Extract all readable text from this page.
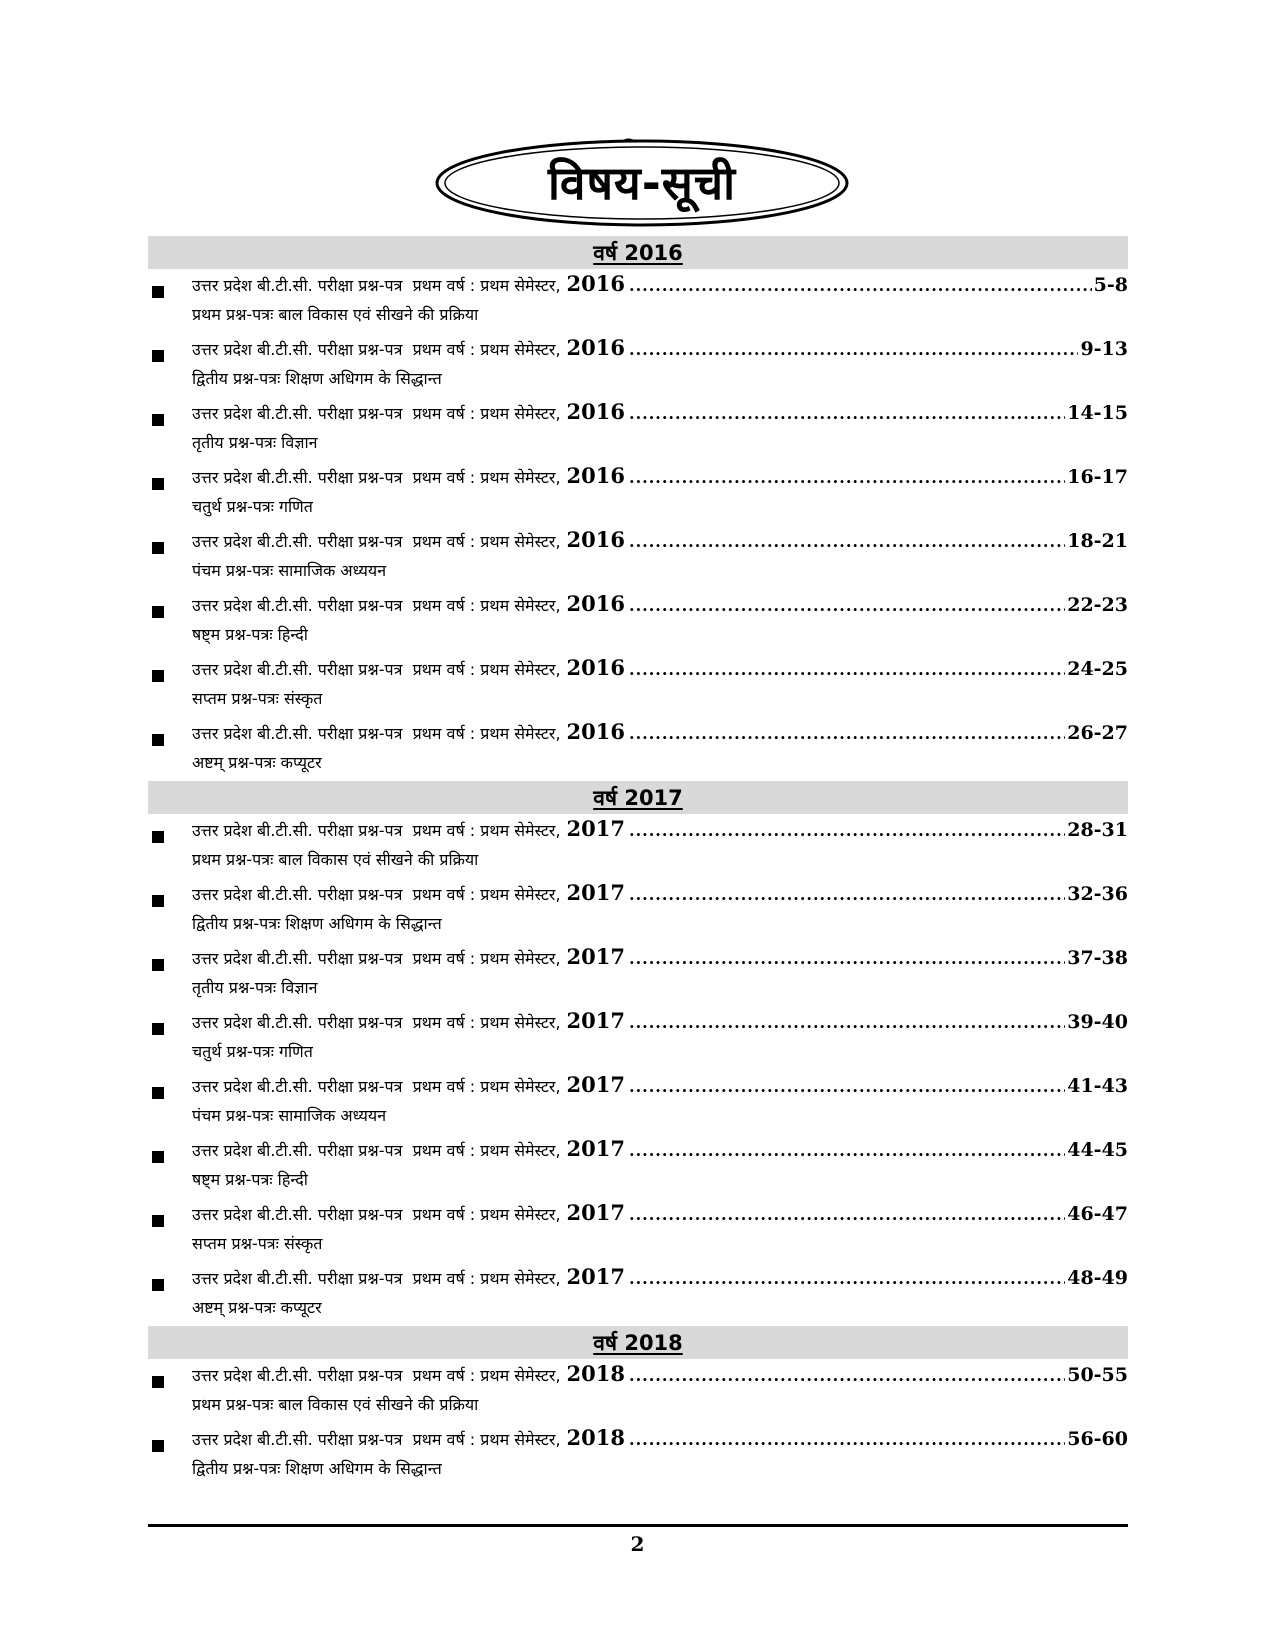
विषय-सूची
वर्ष 2016
उत्तर प्रदेश बी.टी.सी. परीक्षा प्रश्न-पत्र  प्रथम वर्ष : प्रथम सेमेस्टर, 2016 .....	5-8
प्रथम प्रश्न-पत्रः बाल विकास एवं सीखने की प्रक्रिया
उत्तर प्रदेश बी.टी.सी. परीक्षा प्रश्न-पत्र  प्रथम वर्ष : प्रथम सेमेस्टर, 2016 .....	9-13
द्वितीय प्रश्न-पत्रः शिक्षण अधिगम के सिद्धान्त
उत्तर प्रदेश बी.टी.सी. परीक्षा प्रश्न-पत्र  प्रथम वर्ष : प्रथम सेमेस्टर, 2016 .....	14-15
तृतीय प्रश्न-पत्रः विज्ञान
उत्तर प्रदेश बी.टी.सी. परीक्षा प्रश्न-पत्र  प्रथम वर्ष : प्रथम सेमेस्टर, 2016 .....	16-17
चतुर्थ प्रश्न-पत्रः गणित
उत्तर प्रदेश बी.टी.सी. परीक्षा प्रश्न-पत्र  प्रथम वर्ष : प्रथम सेमेस्टर, 2016 .....	18-21
पंचम प्रश्न-पत्रः सामाजिक अध्ययन
उत्तर प्रदेश बी.टी.सी. परीक्षा प्रश्न-पत्र  प्रथम वर्ष : प्रथम सेमेस्टर, 2016 .....	22-23
षष्ट्म प्रश्न-पत्रः हिन्दी
उत्तर प्रदेश बी.टी.सी. परीक्षा प्रश्न-पत्र  प्रथम वर्ष : प्रथम सेमेस्टर, 2016 .....	24-25
सप्तम प्रश्न-पत्रः संस्कृत
उत्तर प्रदेश बी.टी.सी. परीक्षा प्रश्न-पत्र  प्रथम वर्ष : प्रथम सेमेस्टर, 2016 .....	26-27
अष्टम् प्रश्न-पत्रः कप्यूटर
वर्ष 2017
उत्तर प्रदेश बी.टी.सी. परीक्षा प्रश्न-पत्र  प्रथम वर्ष : प्रथम सेमेस्टर, 2017 .....	28-31
प्रथम प्रश्न-पत्रः बाल विकास एवं सीखने की प्रक्रिया
उत्तर प्रदेश बी.टी.सी. परीक्षा प्रश्न-पत्र  प्रथम वर्ष : प्रथम सेमेस्टर, 2017 .....	32-36
द्वितीय प्रश्न-पत्रः शिक्षण अधिगम के सिद्धान्त
उत्तर प्रदेश बी.टी.सी. परीक्षा प्रश्न-पत्र  प्रथम वर्ष : प्रथम सेमेस्टर, 2017 .....	37-38
तृतीय प्रश्न-पत्रः विज्ञान
उत्तर प्रदेश बी.टी.सी. परीक्षा प्रश्न-पत्र  प्रथम वर्ष : प्रथम सेमेस्टर, 2017 .....	39-40
चतुर्थ प्रश्न-पत्रः गणित
उत्तर प्रदेश बी.टी.सी. परीक्षा प्रश्न-पत्र  प्रथम वर्ष : प्रथम सेमेस्टर, 2017 .....	41-43
पंचम प्रश्न-पत्रः सामाजिक अध्ययन
उत्तर प्रदेश बी.टी.सी. परीक्षा प्रश्न-पत्र  प्रथम वर्ष : प्रथम सेमेस्टर, 2017 .....	44-45
षष्ट्म प्रश्न-पत्रः हिन्दी
उत्तर प्रदेश बी.टी.सी. परीक्षा प्रश्न-पत्र  प्रथम वर्ष : प्रथम सेमेस्टर, 2017 .....	46-47
सप्तम प्रश्न-पत्रः संस्कृत
उत्तर प्रदेश बी.टी.सी. परीक्षा प्रश्न-पत्र  प्रथम वर्ष : प्रथम सेमेस्टर, 2017 .....	48-49
अष्टम् प्रश्न-पत्रः कप्यूटर
वर्ष 2018
उत्तर प्रदेश बी.टी.सी. परीक्षा प्रश्न-पत्र  प्रथम वर्ष : प्रथम सेमेस्टर, 2018 .....	50-55
प्रथम प्रश्न-पत्रः बाल विकास एवं सीखने की प्रक्रिया
उत्तर प्रदेश बी.टी.सी. परीक्षा प्रश्न-पत्र  प्रथम वर्ष : प्रथम सेमेस्टर, 2018 .....	56-60
द्वितीय प्रश्न-पत्रः शिक्षण अधिगम के सिद्धान्त
2
